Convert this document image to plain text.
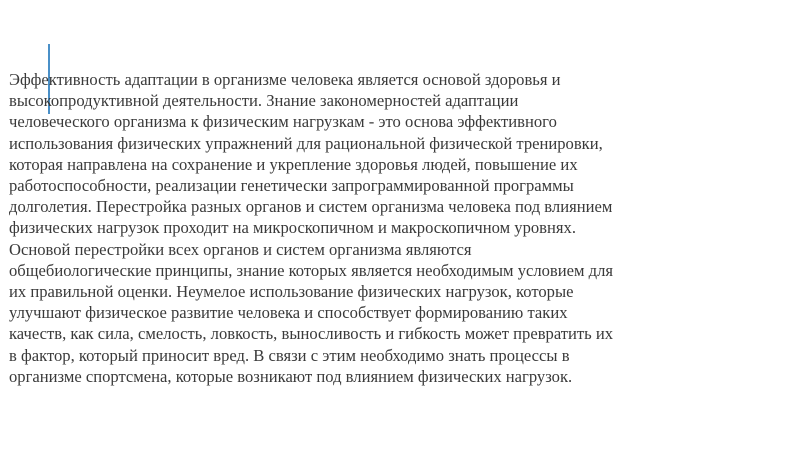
Эффективность адаптации в организме человека является основой здоровья и
высокопродуктивной деятельности. Знание закономерностей адаптации
человеческого организма к физическим нагрузкам - это основа эффективного
использования физических упражнений для рациональной физической тренировки,
которая направлена на сохранение и укрепление здоровья людей, повышение их
работоспособности, реализации генетически запрограммированной программы
долголетия. Перестройка разных органов и систем организма человека под влиянием
физических нагрузок проходит на микроскопичном и макроскопичном уровнях.
Основой перестройки всех органов и систем организма являются
общебиологические принципы, знание которых является необходимым условием для
их правильной оценки. Неумелое использование физических нагрузок, которые
улучшают физическое развитие человека и способствует формированию таких
качеств, как сила, смелость, ловкость, выносливость и гибкость может превратить их
в фактор, который приносит вред. В связи с этим необходимо знать процессы в
организме спортсмена, которые возникают под влиянием физических нагрузок.
